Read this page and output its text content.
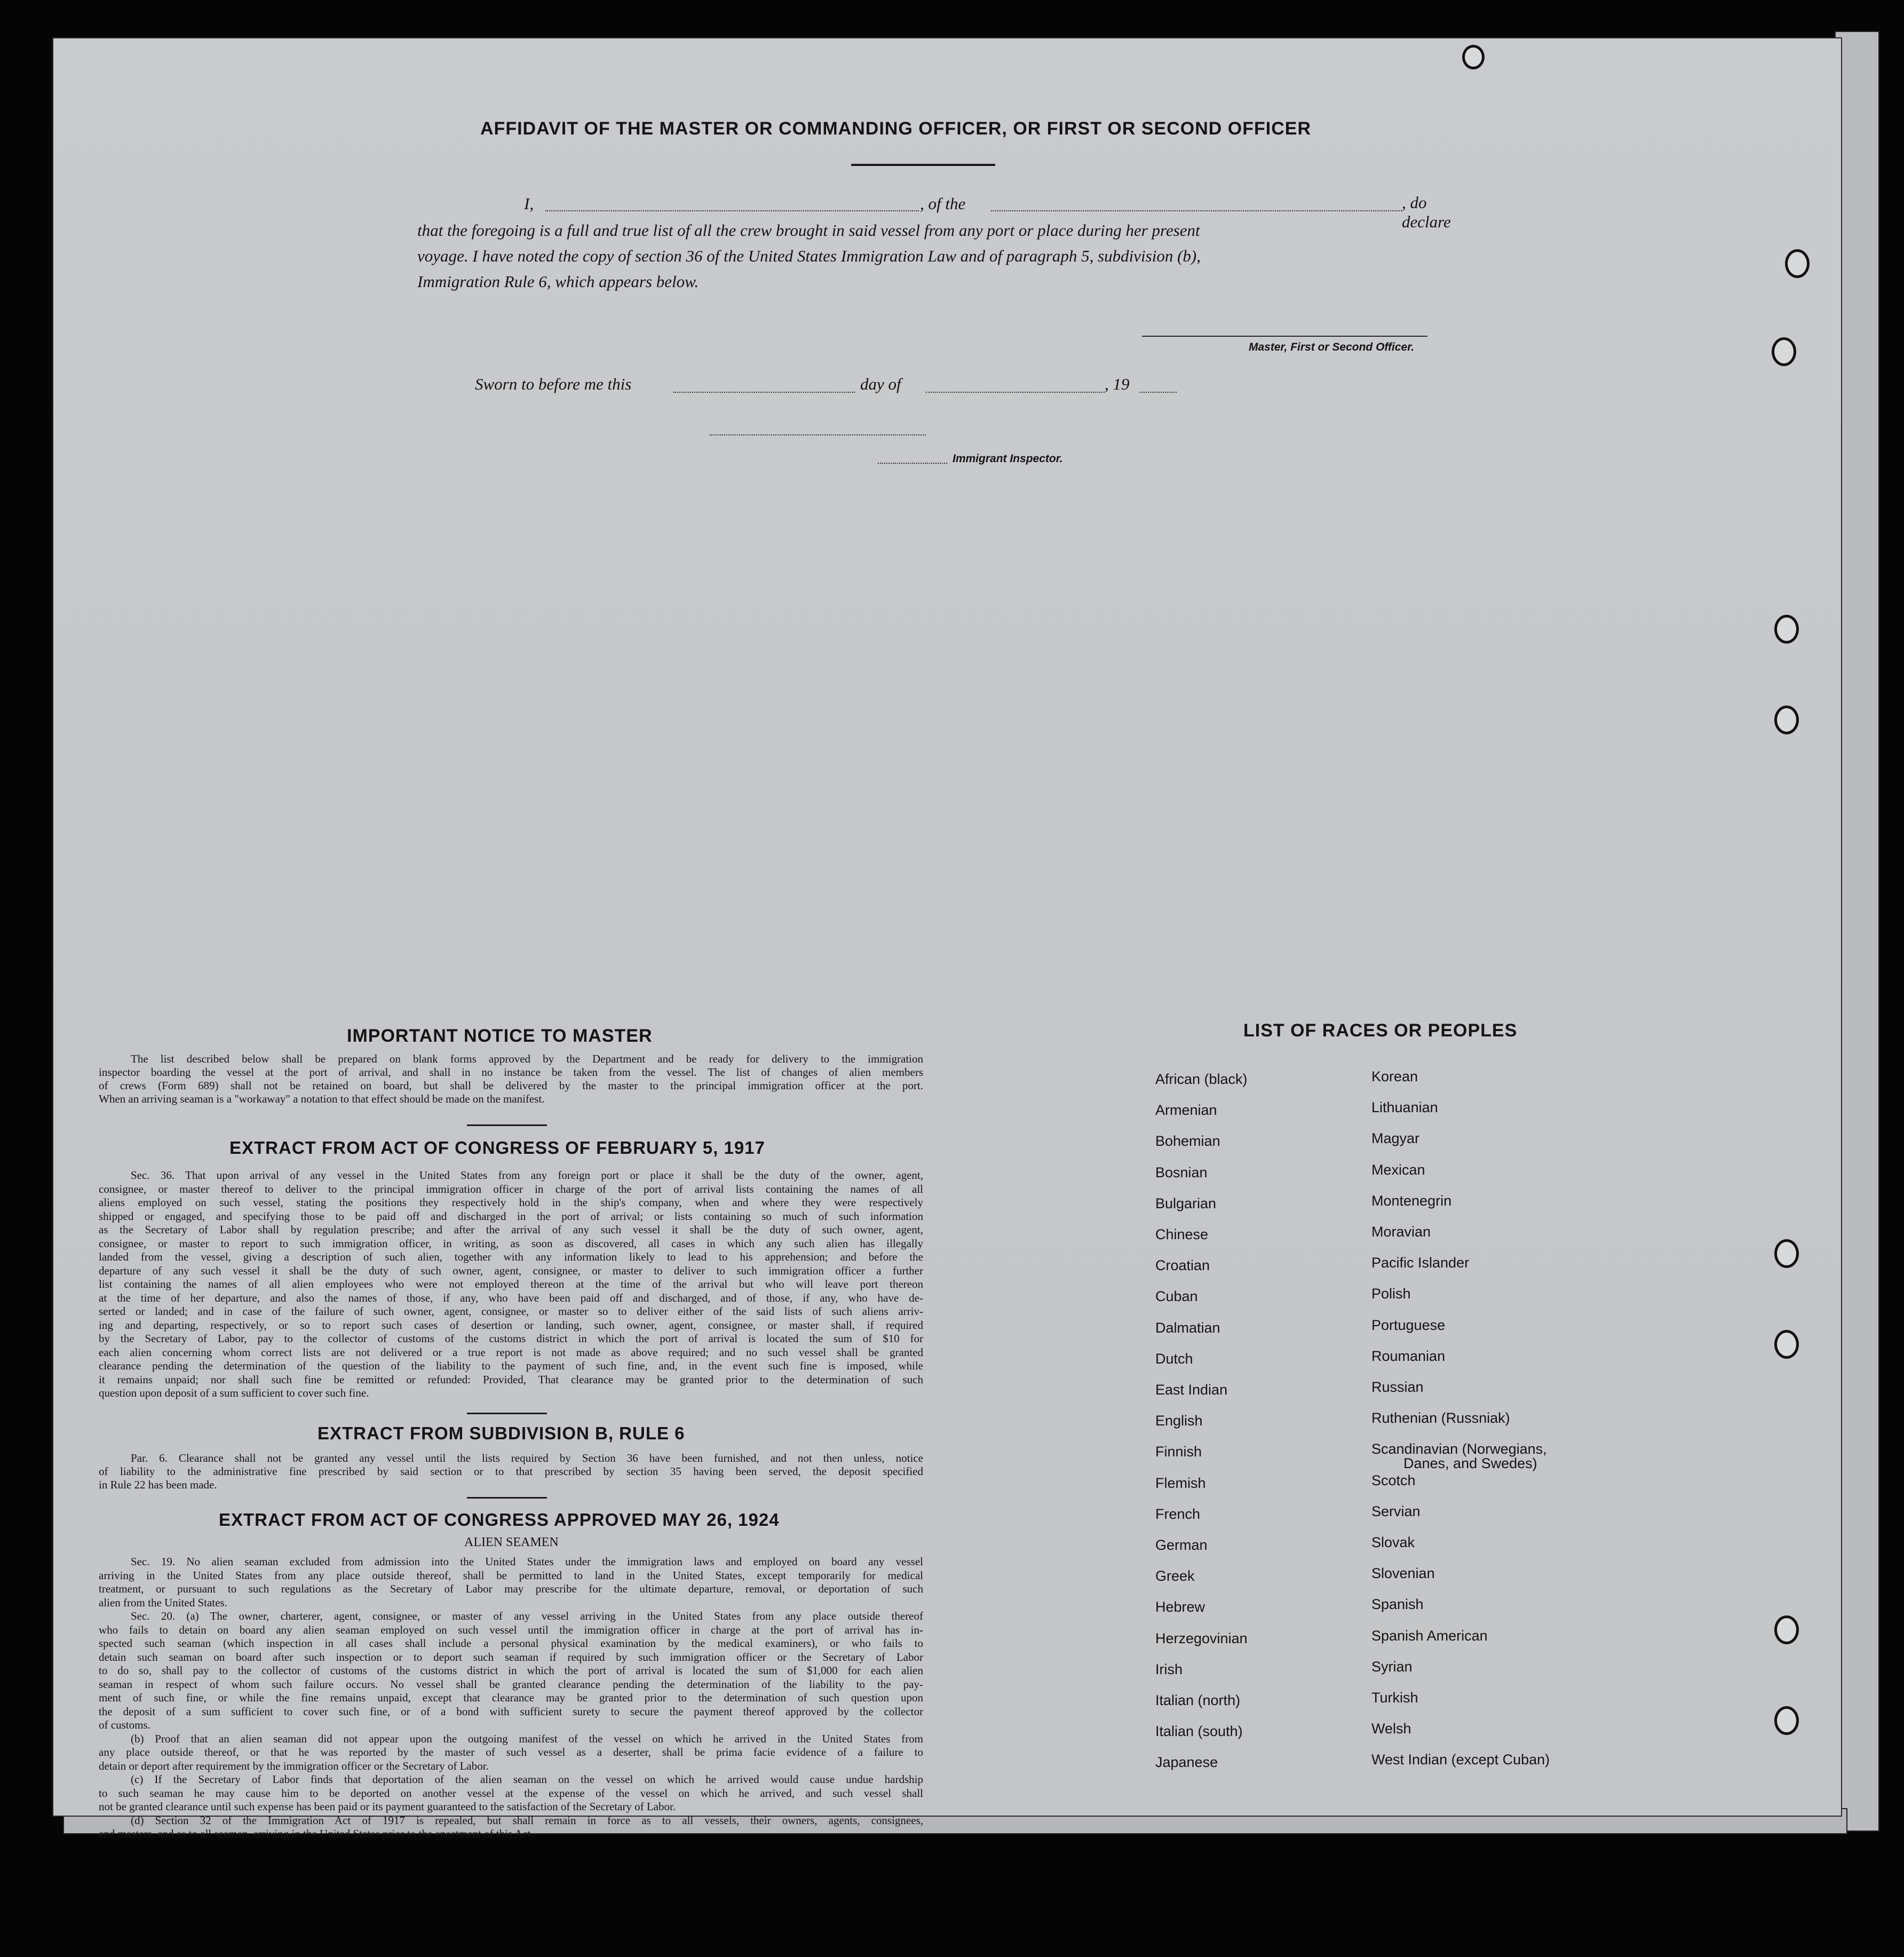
AFFIDAVIT OF THE MASTER OR COMMANDING OFFICER, OR FIRST OR SECOND OFFICER
I,	, of the	, do declare
that the foregoing is a full and true list of all the crew brought in said vessel from any port or place during her present
voyage. I have noted the copy of section 36 of the United States Immigration Law and of paragraph 5, subdivision (b),
Immigration Rule 6, which appears below.
Master, First or Second Officer.
Sworn to before me this	day of	, 19
Immigrant Inspector.
IMPORTANT NOTICE TO MASTER
The list described below shall be prepared on blank forms approved by the Department and be ready for delivery to the immigration
inspector boarding the vessel at the port of arrival, and shall in no instance be taken from the vessel. The list of changes of alien members
of crews (Form 689) shall not be retained on board, but shall be delivered by the master to the principal immigration officer at the port.
When an arriving seaman is a "workaway" a notation to that effect should be made on the manifest.
EXTRACT FROM ACT OF CONGRESS OF FEBRUARY 5, 1917
Sec. 36. That upon arrival of any vessel in the United States from any foreign port or place it shall be the duty of the owner, agent,
consignee, or master thereof to deliver to the principal immigration officer in charge of the port of arrival lists containing the names of all
aliens employed on such vessel, stating the positions they respectively hold in the ship's company, when and where they were respectively
shipped or engaged, and specifying those to be paid off and discharged in the port of arrival; or lists containing so much of such information
as the Secretary of Labor shall by regulation prescribe; and after the arrival of any such vessel it shall be the duty of such owner, agent,
consignee, or master to report to such immigration officer, in writing, as soon as discovered, all cases in which any such alien has illegally
landed from the vessel, giving a description of such alien, together with any information likely to lead to his apprehension; and before the
departure of any such vessel it shall be the duty of such owner, agent, consignee, or master to deliver to such immigration officer a further
list containing the names of all alien employees who were not employed thereon at the time of the arrival but who will leave port thereon
at the time of her departure, and also the names of those, if any, who have been paid off and discharged, and of those, if any, who have de-
serted or landed; and in case of the failure of such owner, agent, consignee, or master so to deliver either of the said lists of such aliens arriv-
ing and departing, respectively, or so to report such cases of desertion or landing, such owner, agent, consignee, or master shall, if required
by the Secretary of Labor, pay to the collector of customs of the customs district in which the port of arrival is located the sum of $10 for
each alien concerning whom correct lists are not delivered or a true report is not made as above required; and no such vessel shall be granted
clearance pending the determination of the question of the liability to the payment of such fine, and, in the event such fine is imposed, while
it remains unpaid; nor shall such fine be remitted or refunded: Provided, That clearance may be granted prior to the determination of such
question upon deposit of a sum sufficient to cover such fine.
EXTRACT FROM SUBDIVISION B, RULE 6
Par. 6. Clearance shall not be granted any vessel until the lists required by Section 36 have been furnished, and not then unless, notice
of liability to the administrative fine prescribed by said section or to that prescribed by section 35 having been served, the deposit specified
in Rule 22 has been made.
EXTRACT FROM ACT OF CONGRESS APPROVED MAY 26, 1924
ALIEN SEAMEN
Sec. 19. No alien seaman excluded from admission into the United States under the immigration laws and employed on board any vessel
arriving in the United States from any place outside thereof, shall be permitted to land in the United States, except temporarily for medical
treatment, or pursuant to such regulations as the Secretary of Labor may prescribe for the ultimate departure, removal, or deportation of such
alien from the United States.
Sec. 20. (a) The owner, charterer, agent, consignee, or master of any vessel arriving in the United States from any place outside thereof
who fails to detain on board any alien seaman employed on such vessel until the immigration officer in charge at the port of arrival has in-
spected such seaman (which inspection in all cases shall include a personal physical examination by the medical examiners), or who fails to
detain such seaman on board after such inspection or to deport such seaman if required by such immigration officer or the Secretary of Labor
to do so, shall pay to the collector of customs of the customs district in which the port of arrival is located the sum of $1,000 for each alien
seaman in respect of whom such failure occurs. No vessel shall be granted clearance pending the determination of the liability to the pay-
ment of such fine, or while the fine remains unpaid, except that clearance may be granted prior to the determination of such question upon
the deposit of a sum sufficient to cover such fine, or of a bond with sufficient surety to secure the payment thereof approved by the collector
of customs.
(b) Proof that an alien seaman did not appear upon the outgoing manifest of the vessel on which he arrived in the United States from
any place outside thereof, or that he was reported by the master of such vessel as a deserter, shall be prima facie evidence of a failure to
detain or deport after requirement by the immigration officer or the Secretary of Labor.
(c) If the Secretary of Labor finds that deportation of the alien seaman on the vessel on which he arrived would cause undue hardship
to such seaman he may cause him to be deported on another vessel at the expense of the vessel on which he arrived, and such vessel shall
not be granted clearance until such expense has been paid or its payment guaranteed to the satisfaction of the Secretary of Labor.
(d) Section 32 of the Immigration Act of 1917 is repealed, but shall remain in force as to all vessels, their owners, agents, consignees,
and masters, and as to all seamen, arriving in the United States prior to the enactment of this Act.
LIST OF RACES OR PEOPLES
African (black)
Armenian
Bohemian
Bosnian
Bulgarian
Chinese
Croatian
Cuban
Dalmatian
Dutch
East Indian
English
Finnish
Flemish
French
German
Greek
Hebrew
Herzegovinian
Irish
Italian (north)
Italian (south)
Japanese
Korean
Lithuanian
Magyar
Mexican
Montenegrin
Moravian
Pacific Islander
Polish
Portuguese
Roumanian
Russian
Ruthenian (Russniak)
Scandinavian (Norwegians,
Danes, and Swedes)
Scotch
Servian
Slovak
Slovenian
Spanish
Spanish American
Syrian
Turkish
Welsh
West Indian (except Cuban)
